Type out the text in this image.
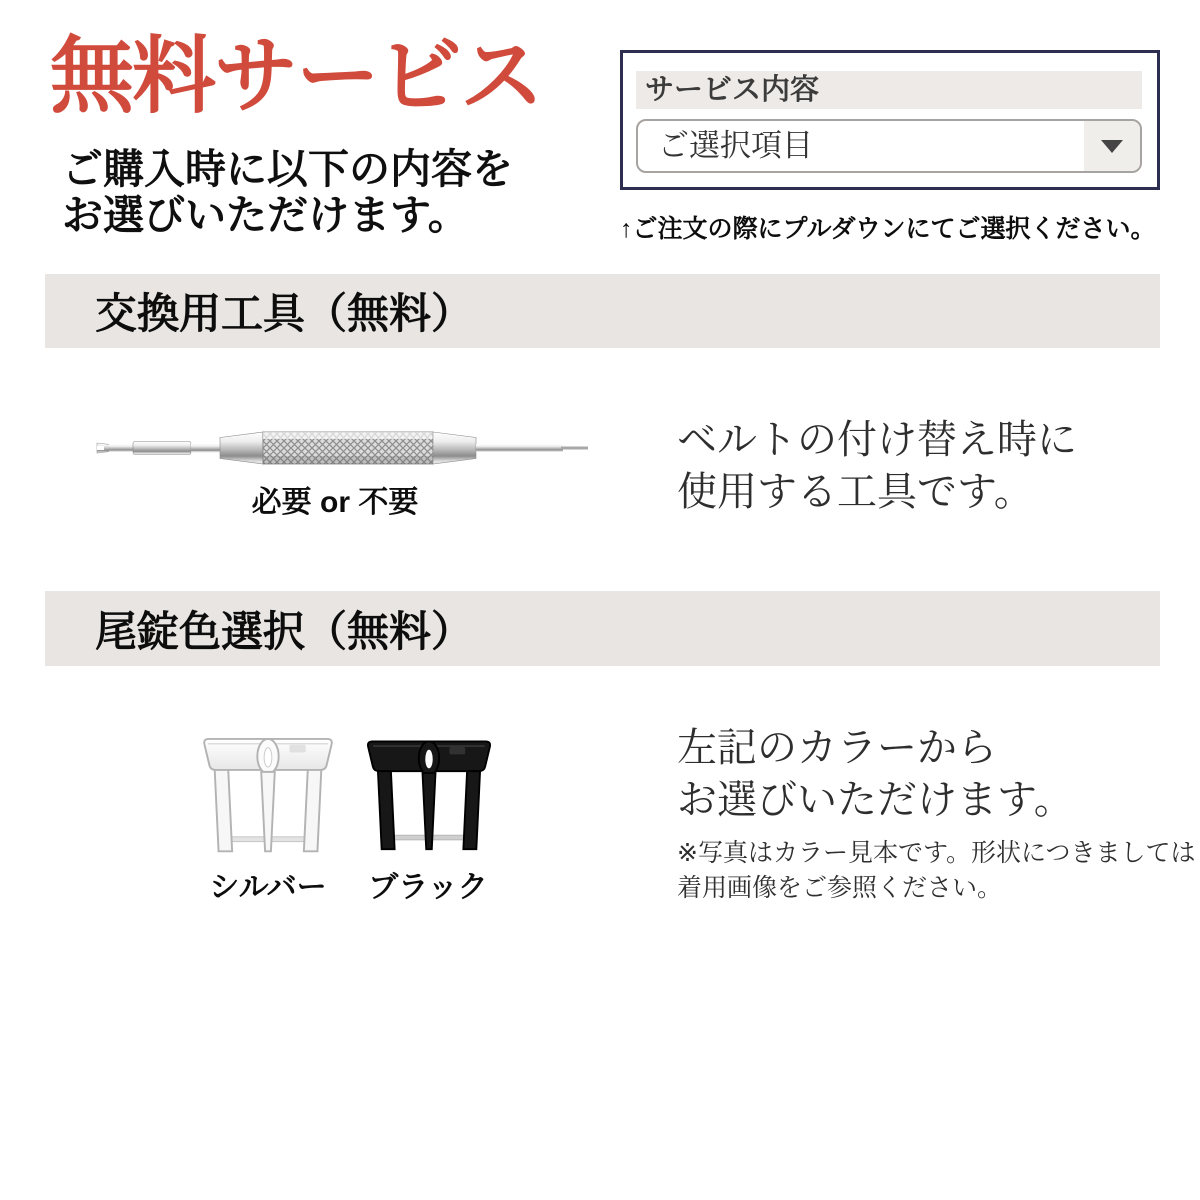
無料サービス
ご購入時に以下の内容を
お選びいただけます。
サービス内容
ご選択項目
↑ご注文の際にプルダウンにてご選択ください。
交換用工具（無料）
必要 or 不要
ベルトの付け替え時に
使用する工具です。
尾錠色選択（無料）
シルバー	ブラック
左記のカラーから
お選びいただけます。
※写真はカラー見本です。形状につきましては
着用画像をご参照ください。
